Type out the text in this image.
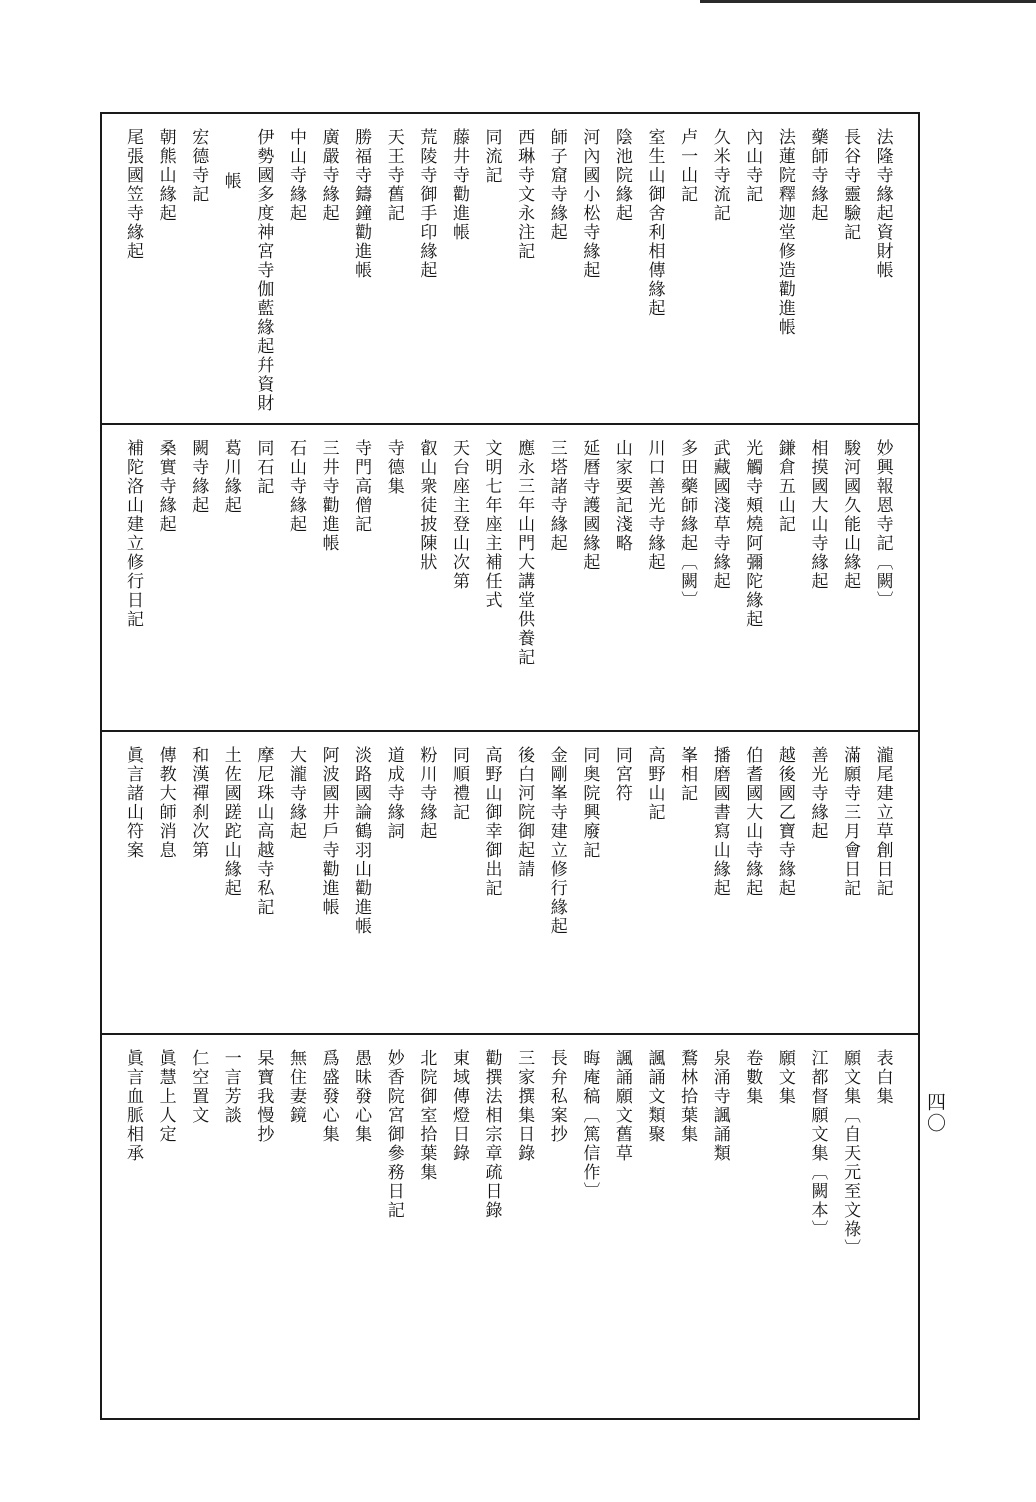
四〇
法隆寺緣起資財帳
長谷寺靈驗記
藥師寺緣起
法蓮院釋迦堂修造勸進帳
內山寺記
久米寺流記
卢一山記
室生山御舍利相傳緣起
陰池院緣起
河內國小松寺緣起
師子窟寺緣起
西琳寺文永注記
同流記
藤井寺勸進帳
荒陵寺御手印緣起
天王寺舊記
勝福寺鑄鐘勸進帳
廣嚴寺緣起
中山寺緣起
伊勢國多度神宮寺伽藍緣起幷資財
帳
宏德寺記
朝熊山緣起
尾張國笠寺緣起
妙興報恩寺記〔闕〕
駿河國久能山緣起
相摸國大山寺緣起
鎌倉五山記
光觸寺頰燒阿彌陀緣起
武藏國淺草寺緣起
多田藥師緣起〔闕〕
川口善光寺緣起
山家要記淺略
延曆寺護國緣起
三塔諸寺緣起
應永三年山門大講堂供養記
文明七年座主補任式
天台座主登山次第
叡山衆徒披陳狀
寺德集
寺門高僧記
三井寺勸進帳
石山寺緣起
同石記
葛川緣起
闕寺緣起
桑實寺緣起
補陀洛山建立修行日記
瀧尾建立草創日記
滿願寺三月會日記
善光寺緣起
越後國乙寶寺緣起
伯耆國大山寺緣起
播磨國書寫山緣起
峯相記
高野山記
同宮符
同奥院興廢記
金剛峯寺建立修行緣起
後白河院御起請
高野山御幸御出記
同順禮記
粉川寺緣起
道成寺緣詞
淡路國論鶴羽山勸進帳
阿波國井戶寺勸進帳
大瀧寺緣起
摩尼珠山高越寺私記
土佐國蹉跎山緣起
和漢禪刹次第
傳教大師消息
眞言諸山符案
表白集
願文集〔自天元至文祿〕
江都督願文集〔闕本〕
願文集
卷數集
泉涌寺諷誦類
鶩林拾葉集
諷誦文類聚
諷誦願文舊草
晦庵稿〔篤信作〕
長弁私案抄
三家撰集日錄
勸撰法相宗章疏日錄
東域傳燈日錄
北院御室拾葉集
妙香院宮御參務日記
愚昧發心集
爲盛發心集
無住妻鏡
杲寶我慢抄
一言芳談
仁空置文
眞慧上人定
眞言血脈相承
